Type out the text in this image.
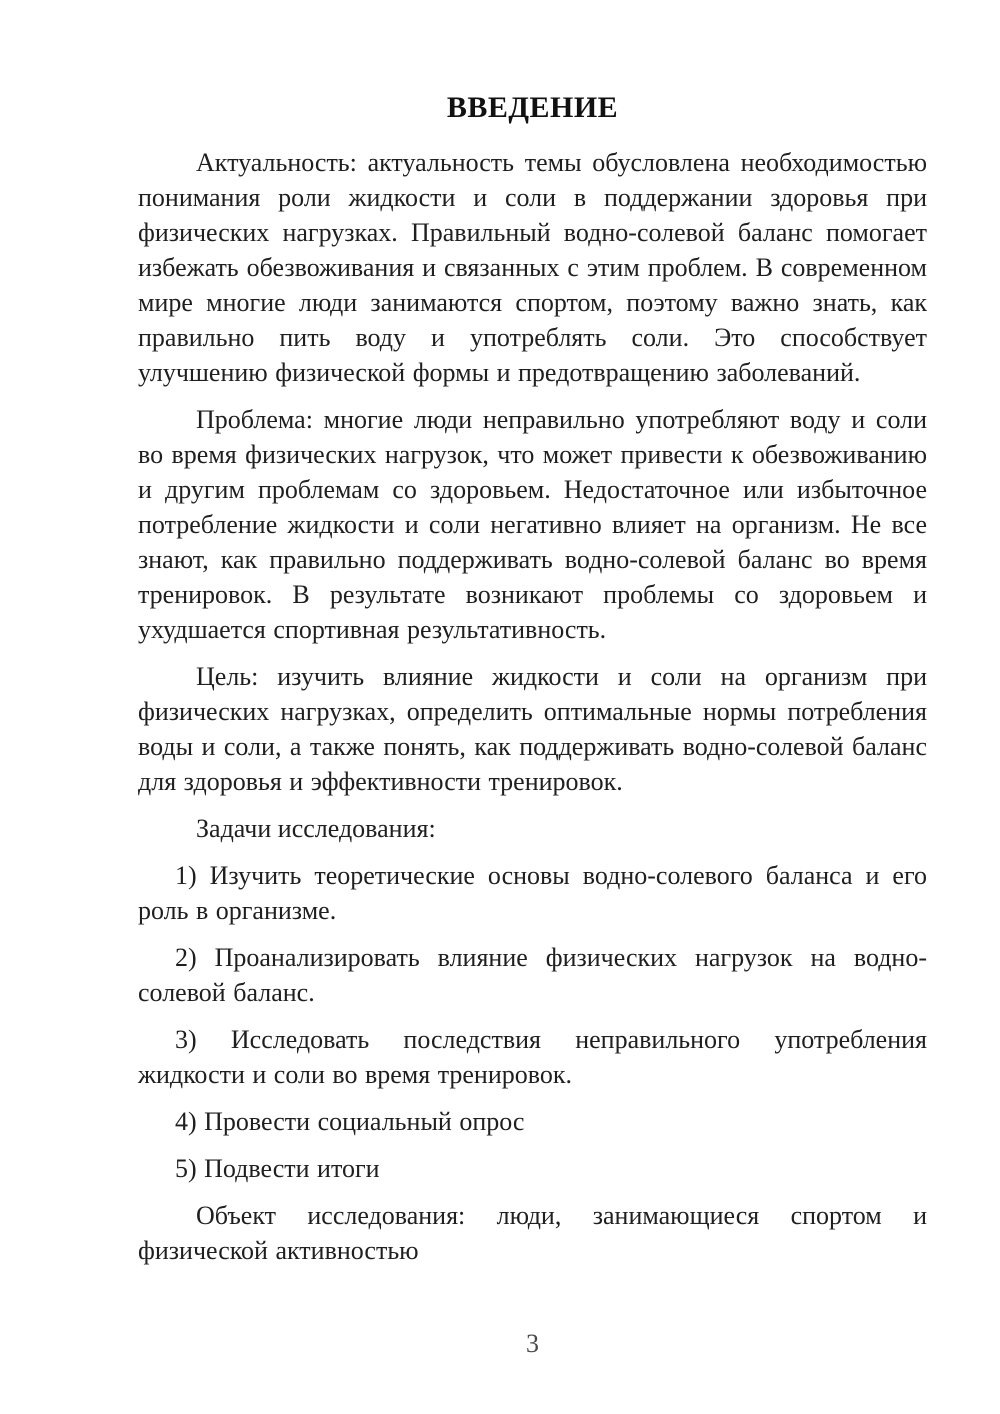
ВВЕДЕНИЕ

Актуальность: актуальность темы обусловлена необходимостью понимания роли жидкости и соли в поддержании здоровья при физических нагрузках. Правильный водно-солевой баланс помогает избежать обезвоживания и связанных с этим проблем. В современном мире многие люди занимаются спортом, поэтому важно знать, как правильно пить воду и употреблять соли. Это способствует улучшению физической формы и предотвращению заболеваний.

Проблема: многие люди неправильно употребляют воду и соли во время физических нагрузок, что может привести к обезвоживанию и другим проблемам со здоровьем. Недостаточное или избыточное потребление жидкости и соли негативно влияет на организм. Не все знают, как правильно поддерживать водно-солевой баланс во время тренировок. В результате возникают проблемы со здоровьем и ухудшается спортивная результативность.

Цель: изучить влияние жидкости и соли на организм при физических нагрузках, определить оптимальные нормы потребления воды и соли, а также понять, как поддерживать водно-солевой баланс для здоровья и эффективности тренировок.

Задачи исследования:

1) Изучить теоретические основы водно-солевого баланса и его роль в организме.

2) Проанализировать влияние физических нагрузок на водно-солевой баланс.

3) Исследовать последствия неправильного употребления жидкости и соли во время тренировок.

4) Провести социальный опрос

5) Подвести итоги

Объект исследования: люди, занимающиеся спортом и физической активностью

3
